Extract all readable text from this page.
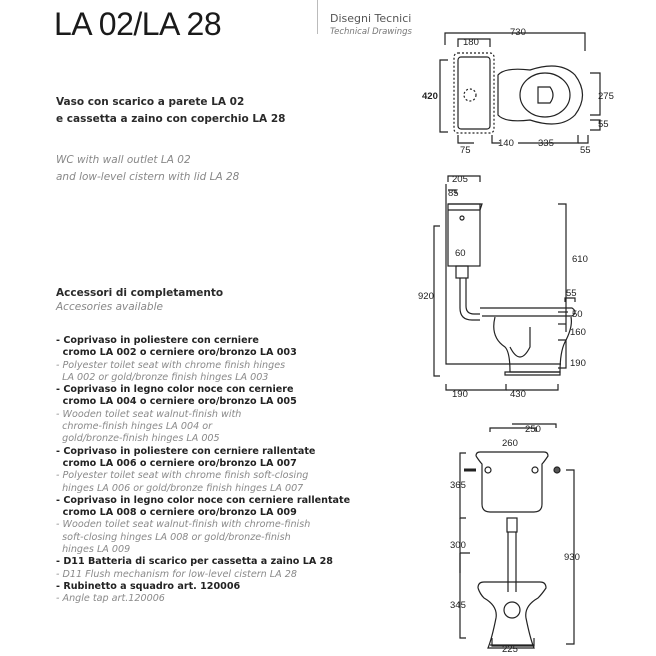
LA 02/LA 28	Disegni Tecnici
Technical Drawings
Vaso con scarico a parete LA 02
e cassetta a zaino con coperchio LA 28
WC with wall outlet LA 02
and low-level cistern with lid LA 28
Accessori di completamento
Accesories available
- Coprivaso in poliestere con cerniere
cromo LA 002 o cerniere oro/bronzo LA 003
- Polyester toilet seat with chrome finish hinges
LA 002 or gold/bronze finish hinges LA 003
- Coprivaso in legno color noce con cerniere
cromo LA 004 o cerniere oro/bronzo LA 005
- Wooden toilet seat walnut-finish with
chrome-finish hinges LA 004 or
gold/bronze-finish hinges LA 005
- Coprivaso in poliestere con cerniere rallentate
cromo LA 006 o cerniere oro/bronzo LA 007
- Polyester toilet seat with chrome finish soft-closing
hinges LA 006 or gold/bronze finish hinges LA 007
- Coprivaso in legno color noce con cerniere rallentate
cromo LA 008 o cerniere oro/bronzo LA 009
- Wooden toilet seat walnut-finish with chrome-finish
soft-closing hinges LA 008 or gold/bronze-finish
hinges LA 009
- D11 Batteria di scarico per cassetta a zaino LA 28
- D11 Flush mechanism for low-level cistern LA 28
- Rubinetto a squadro art. 120006
- Angle tap art.120006
730
180
420	275
55
75
140	335
55
205
85
60
610
920	55
50
160
190
190	430
250
260
365
300
345
930
225
